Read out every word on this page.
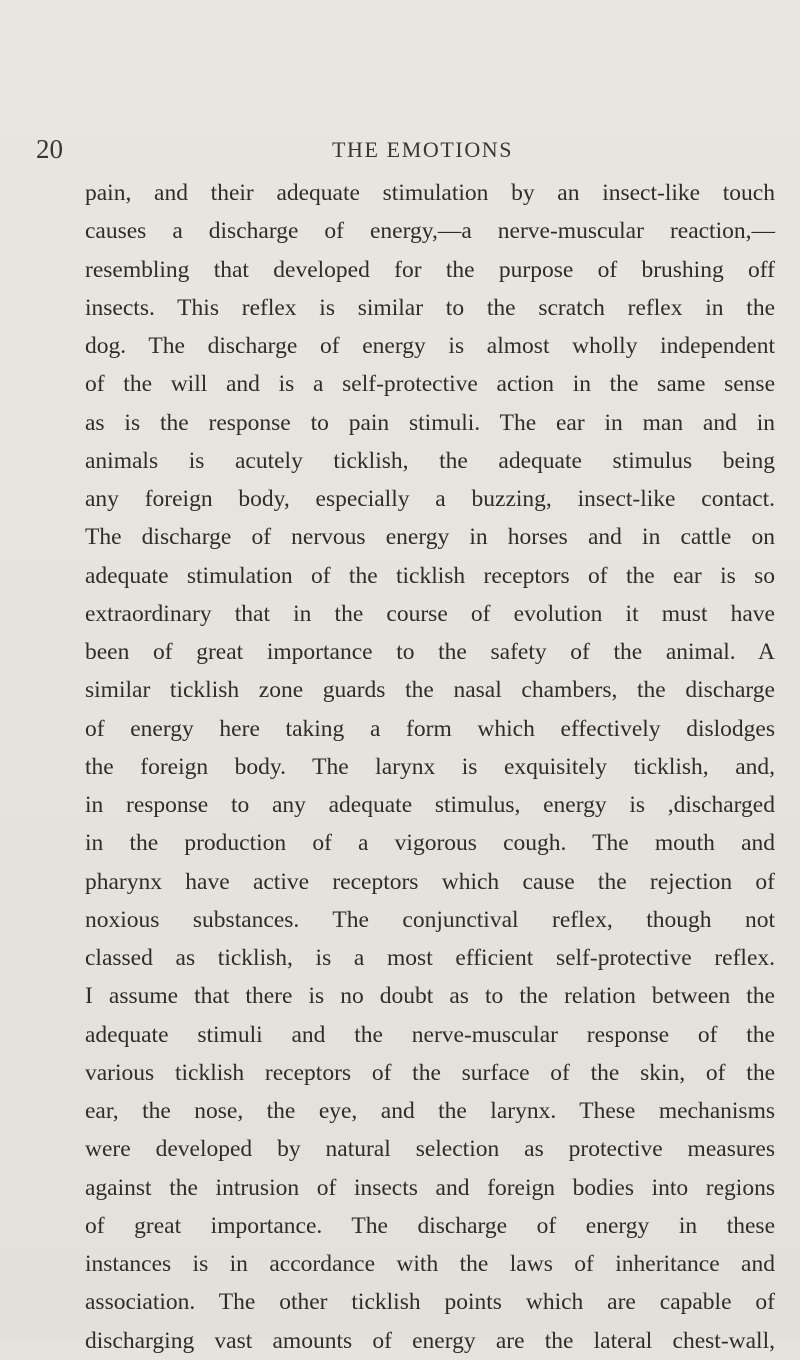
20	THE EMOTIONS
pain, and their adequate stimulation by an insect-like touch
causes a discharge of energy,—a nerve-muscular reaction,—
resembling that developed for the purpose of brushing off
insects. This reflex is similar to the scratch reflex in the
dog. The discharge of energy is almost wholly independent
of the will and is a self-protective action in the same sense
as is the response to pain stimuli. The ear in man and in
animals is acutely ticklish, the adequate stimulus being
any foreign body, especially a buzzing, insect-like contact.
The discharge of nervous energy in horses and in cattle on
adequate stimulation of the ticklish receptors of the ear is so
extraordinary that in the course of evolution it must have
been of great importance to the safety of the animal. A
similar ticklish zone guards the nasal chambers, the discharge
of energy here taking a form which effectively dislodges
the foreign body. The larynx is exquisitely ticklish, and,
in response to any adequate stimulus, energy is ,discharged
in the production of a vigorous cough. The mouth and
pharynx have active receptors which cause the rejection of
noxious substances. The conjunctival reflex, though not
classed as ticklish, is a most efficient self-protective reflex.
I assume that there is no doubt as to the relation between the
adequate stimuli and the nerve-muscular response of the
various ticklish receptors of the surface of the skin, of the
ear, the nose, the eye, and the larynx. These mechanisms
were developed by natural selection as protective measures
against the intrusion of insects and foreign bodies into regions
of great importance. The discharge of energy in these
instances is in accordance with the laws of inheritance and
association. The other ticklish points which are capable of
discharging vast amounts of energy are the lateral chest-wall,
